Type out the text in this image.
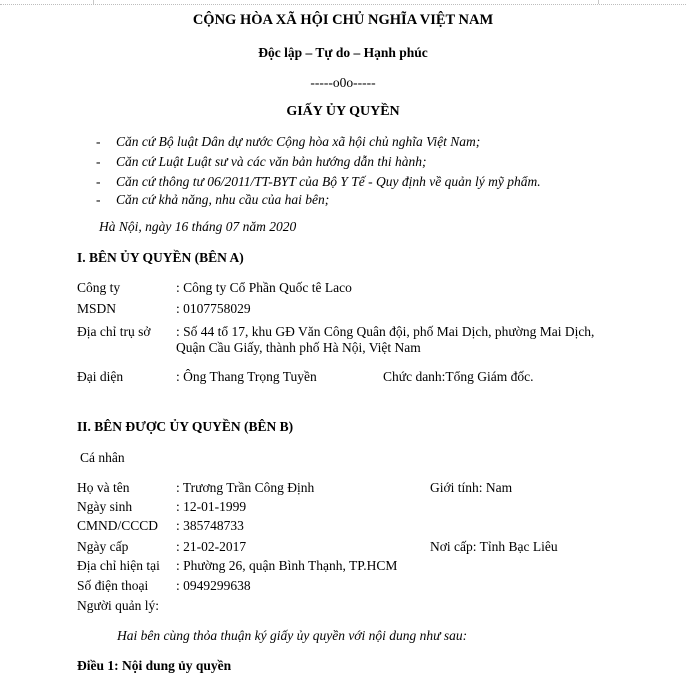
CỘNG HÒA XÃ HỘI CHỦ NGHĨA VIỆT NAM
Độc lập – Tự do – Hạnh phúc
-----o0o-----
GIẤY ỦY QUYỀN
- Căn cứ Bộ luật Dân dự nước Cộng hòa xã hội chủ nghĩa Việt Nam;
- Căn cứ Luật Luật sư và các văn bản hướng dẫn thi hành;
- Căn cứ thông tư 06/2011/TT-BYT của Bộ Y Tế - Quy định về quản lý mỹ phẩm.
- Căn cứ khả năng, nhu cầu của hai bên;
Hà Nội, ngày 16 tháng 07 năm 2020
I. BÊN ỦY QUYỀN (BÊN A)
Công ty	: Công ty Cổ Phần Quốc tê Laco
MSDN	: 0107758029
Địa chỉ trụ sở : Số 44 tổ 17, khu GĐ Văn Công Quân đội, phố Mai Dịch, phường Mai Dịch,
Quận Cầu Giấy, thành phố Hà Nội, Việt Nam
Đại diện	: Ông Thang Trọng Tuyền	Chức danh:Tổng Giám đốc.
II. BÊN ĐƯỢC ỦY QUYỀN (BÊN B)
Cá nhân
Họ và tên	: Trương Trần Công Định	Giới tính: Nam
Ngày sinh	: 12-01-1999
CMND/CCCD : 385748733
Ngày cấp	: 21-02-2017	Nơi cấp: Tỉnh Bạc Liêu
Địa chỉ hiện tại : Phường 26, quận Bình Thạnh, TP.HCM
Số điện thoại : 0949299638
Người quản lý:
Hai bên cùng thỏa thuận ký giấy ủy quyền với nội dung như sau:
Điều 1: Nội dung ủy quyền
